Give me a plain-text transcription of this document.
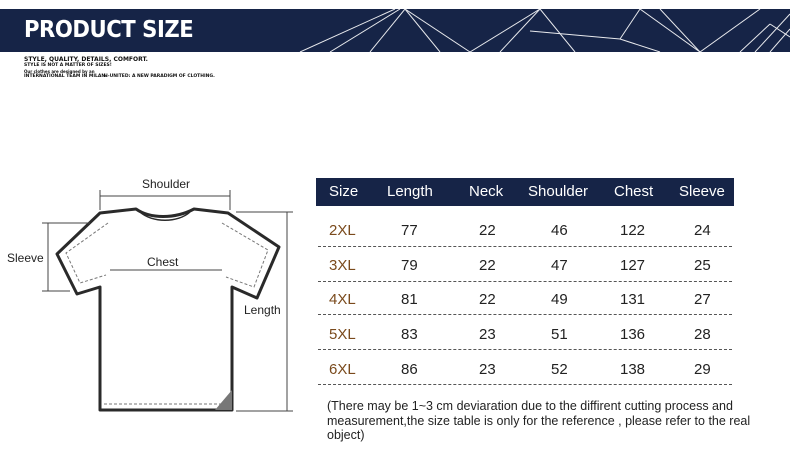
PRODUCT SIZE
STYLE, QUALITY, DETAILS, COMFORT.
STYLE IS NOT A MATTER OF SIZES!
Our clothes are designed by an
INTERNATIONAL TEAM IN MILAN.
H-UNITED: A NEW PARADIGM OF CLOTHING.
Shoulder
Sleeve	Chest
Length
Size Length Neck Shoulder Chest Sleeve
2XL	77	22	46	122	24
3XL	79	22	47	127	25
4XL	81	22	49	131	27
5XL	83	23	51	136	28
6XL	86	23	52	138	29
(There may be 1~3 cm deviaration due to the diffirent cutting process and measurement,the size table is only for the reference , please refer to the real object)
